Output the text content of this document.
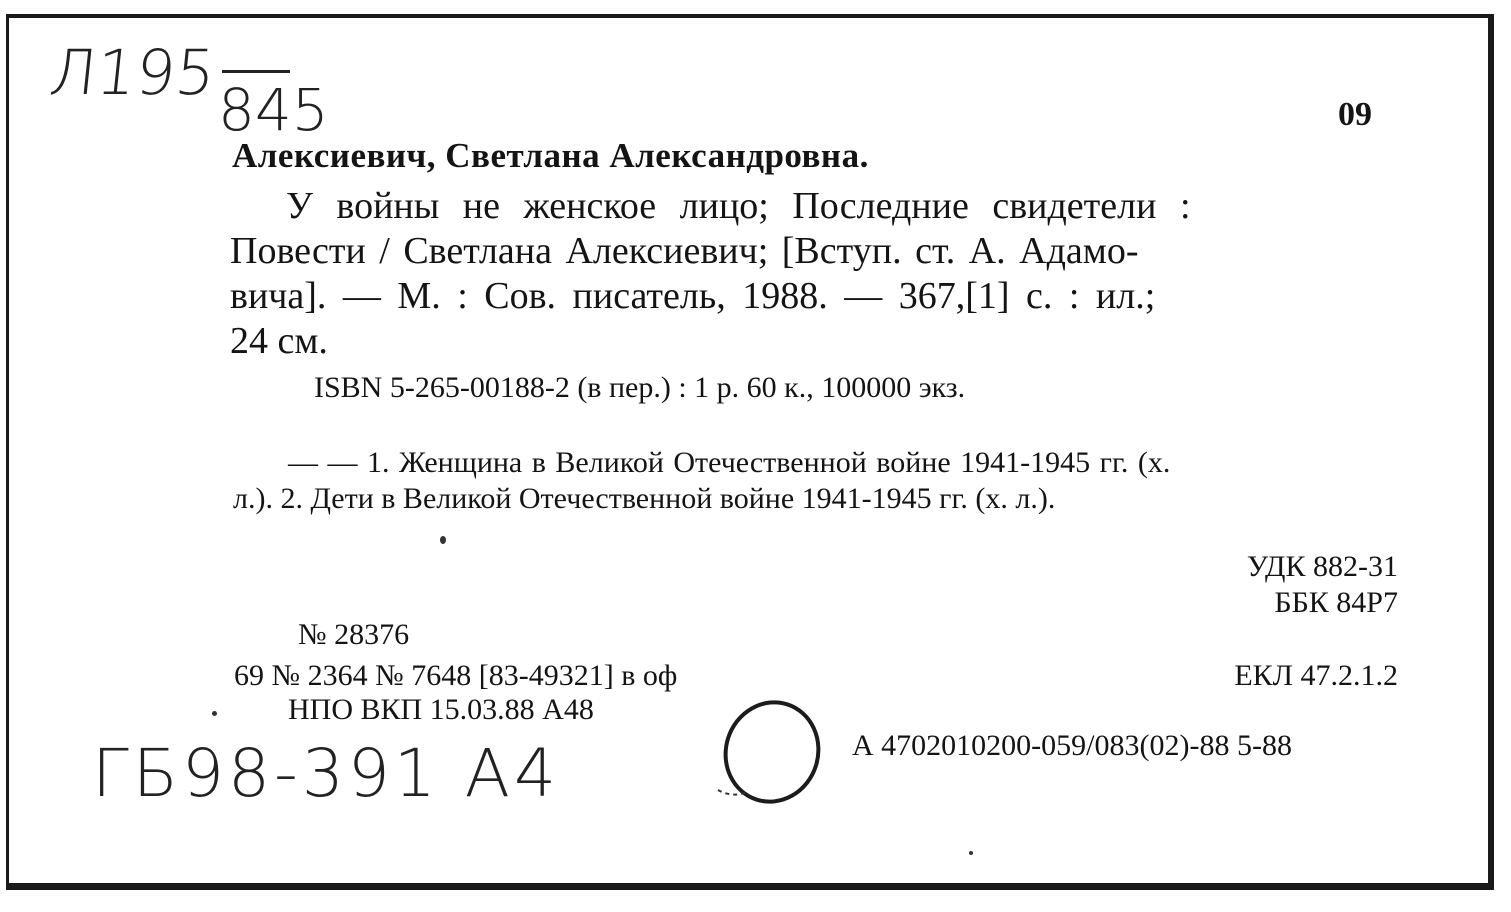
Л195
845	09
Алексиевич, Светлана Александровна.
У войны не женское лицо; Последние свидетели :
Повести / Светлана Алексиевич; [Вступ. ст. А. Адамо-
вича]. — М. : Сов. писатель, 1988. — 367,[1] с. : ил.;
24 см.
ISBN 5-265-00188-2 (в пер.) : 1 р. 60 к., 100000 экз.
— — 1. Женщина в Великой Отечественной войне 1941-1945 гг. (х.
л.). 2. Дети в Великой Отечественной войне 1941-1945 гг. (х. л.).
УДК 882-31
ББК 84Р7
№ 28376
69 № 2364 № 7648 [83-49321] в оф	ЕКЛ 47.2.1.2
НПО ВКП 15.03.88 А48
А 4702010200-059/083(02)-88 5-88
ГБ98-391 А4
